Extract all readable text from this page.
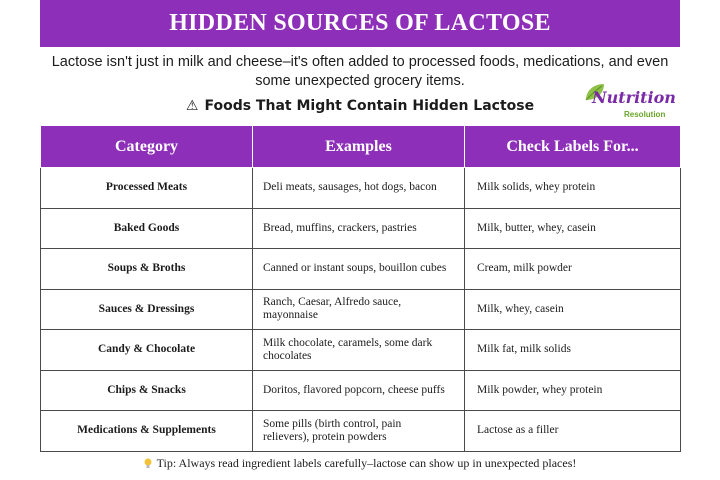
HIDDEN SOURCES OF LACTOSE
Lactose isn't just in milk and cheese–it's often added to processed foods, medications, and even some unexpected grocery items.
⚠ Foods That Might Contain Hidden Lactose	Nutrition
Resolution
Category	Examples	Check Labels For...
Processed Meats	Deli meats, sausages, hot dogs, bacon	Milk solids, whey protein
Baked Goods	Bread, muffins, crackers, pastries	Milk, butter, whey, casein
Soups & Broths	Canned or instant soups, bouillon cubes	Cream, milk powder
Sauces & Dressings	Ranch, Caesar, Alfredo sauce, mayonnaise	Milk, whey, casein
Candy & Chocolate	Milk chocolate, caramels, some dark chocolates	Milk fat, milk solids
Chips & Snacks	Doritos, flavored popcorn, cheese puffs	Milk powder, whey protein
Medications & Supplements	Some pills (birth control, pain relievers), protein powders	Lactose as a filler
Tip: Always read ingredient labels carefully–lactose can show up in unexpected places!
